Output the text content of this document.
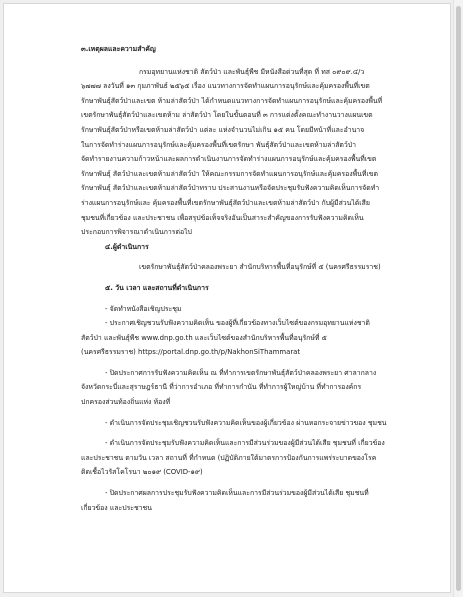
๓.เหตุผลและความสำคัญ
กรมอุทยานแห่งชาติ สัตว์ป่า และพันธุ์พืช มีหนังสือด่วนที่สุด ที่ ทส ๐๙๐๙.๔/ว
๖๗๗๗ ลงวันที่ ๑๓ กุมภาพันธ์ ๒๕๖๕ เรื่อง แนวทางการจัดทำแผนการอนุรักษ์และคุ้มครองพื้นที่เขต
รักษาพันธุ์สัตว์ป่าและเขต ห้ามล่าสัตว์ป่า ได้กำหนดแนวทางการจัดทำแผนการอนุรักษ์และคุ้มครองพื้นที่
เขตรักษาพันธุ์สัตว์ป่าและเขตห้าม ล่าสัตว์ป่า โดยในขั้นตอนที่ ๓ การแต่งตั้งคณะทำงานวางแผนเขต
รักษาพันธุ์สัตว์ป่าหรือเขตห้ามล่าสัตว์ป่า แต่ละ แห่งจำนวนไม่เกิน ๑๕ คน โดยมีหน้าที่และอำนาจ
ในการจัดทำร่างแผนการอนุรักษ์และคุ้มครองพื้นที่เขตรักษา พันธุ์สัตว์ป่าและเขตห้ามล่าสัตว์ป่า
จัดทำรายงานความก้าวหน้าและผลการดำเนินงานการจัดทำร่างแผนการอนุรักษ์และคุ้มครองพื้นที่เขต
รักษาพันธุ์ สัตว์ป่าและเขตห้ามล่าสัตว์ป่า ให้คณะกรรมการจัดทำแผนการอนุรักษ์และคุ้มครองพื้นที่เขต
รักษาพันธุ์ สัตว์ป่าและเขตห้ามล่าสัตว์ป่าทราบ ประสานงานหรือจัดประชุมรับฟังความคิดเห็นการจัดทำ
ร่างแผนการอนุรักษ์และ คุ้มครองพื้นที่เขตรักษาพันธุ์สัตว์ป่าและเขตห้ามล่าสัตว์ป่า กับผู้มีส่วนได้เสีย
ชุมชนที่เกี่ยวข้อง และประชาชน เพื่อสรุปข้อเท็จจริงอันเป็นสาระสำคัญของการรับฟังความคิดเห็น
ประกอบการพิจารณาดำเนินการต่อไป
๔.ผู้ดำเนินการ
เขตรักษาพันธุ์สัตว์ป่าคลองพระยา สำนักบริหารพื้นที่อนุรักษ์ที่ ๕ (นครศรีธรรมราช)
๕. วัน เวลา และสถานที่ดำเนินการ
- จัดทำหนังสือเชิญประชุม
- ประกาศเชิญชวนรับฟังความคิดเห็น ของผู้ที่เกี่ยวข้องทางเว็บไซต์ของกรมอุทยานแห่งชาติ
สัตว์ป่า และพันธุ์พืช www.dnp.go.th และเว็บไซต์ของสำนักบริหารพื้นที่อนุรักษ์ที่ ๕
(นครศรีธรรมราช) https://portal.dnp.go.th/p/NakhonSiThammarat
- ปิดประกาศการรับฟังความคิดเห็น ณ ที่ทำการเขตรักษาพันธุ์สัตว์ป่าคลองพระยา ศาลากลาง
จังหวัดกระบี่และสุราษฎร์ธานี ที่ว่าการอำเภอ ที่ทำการกำนัน ที่ทำการผู้ใหญ่บ้าน ที่ทำการองค์กร
ปกครองส่วนท้องถิ่นแห่ง ท้องที่
- ดำเนินการจัดประชุมเชิญชวนรับฟังความคิดเห็นของผู้เกี่ยวข้อง ผ่านหอกระจายข่าวของ ชุมชน
- ดำเนินการจัดประชุมรับฟังความคิดเห็นและการมีส่วนร่วมของผู้มีส่วนได้เสีย ชุมชนที่ เกี่ยวข้อง
และประชาชน ตามวัน เวลา สถานที่ ที่กำหนด (ปฏิบัติภายใต้มาตรการป้องกันการแพร่ระบาดของโรค
ติดเชื้อไวรัสโคโรนา ๒๐๑๙ (COVID-๑๙)
- ปิดประกาศผลการประชุมรับฟังความคิดเห็นและการมีส่วนร่วมของผู้มีส่วนได้เสีย ชุมชนที่
เกี่ยวข้อง และประชาชน
